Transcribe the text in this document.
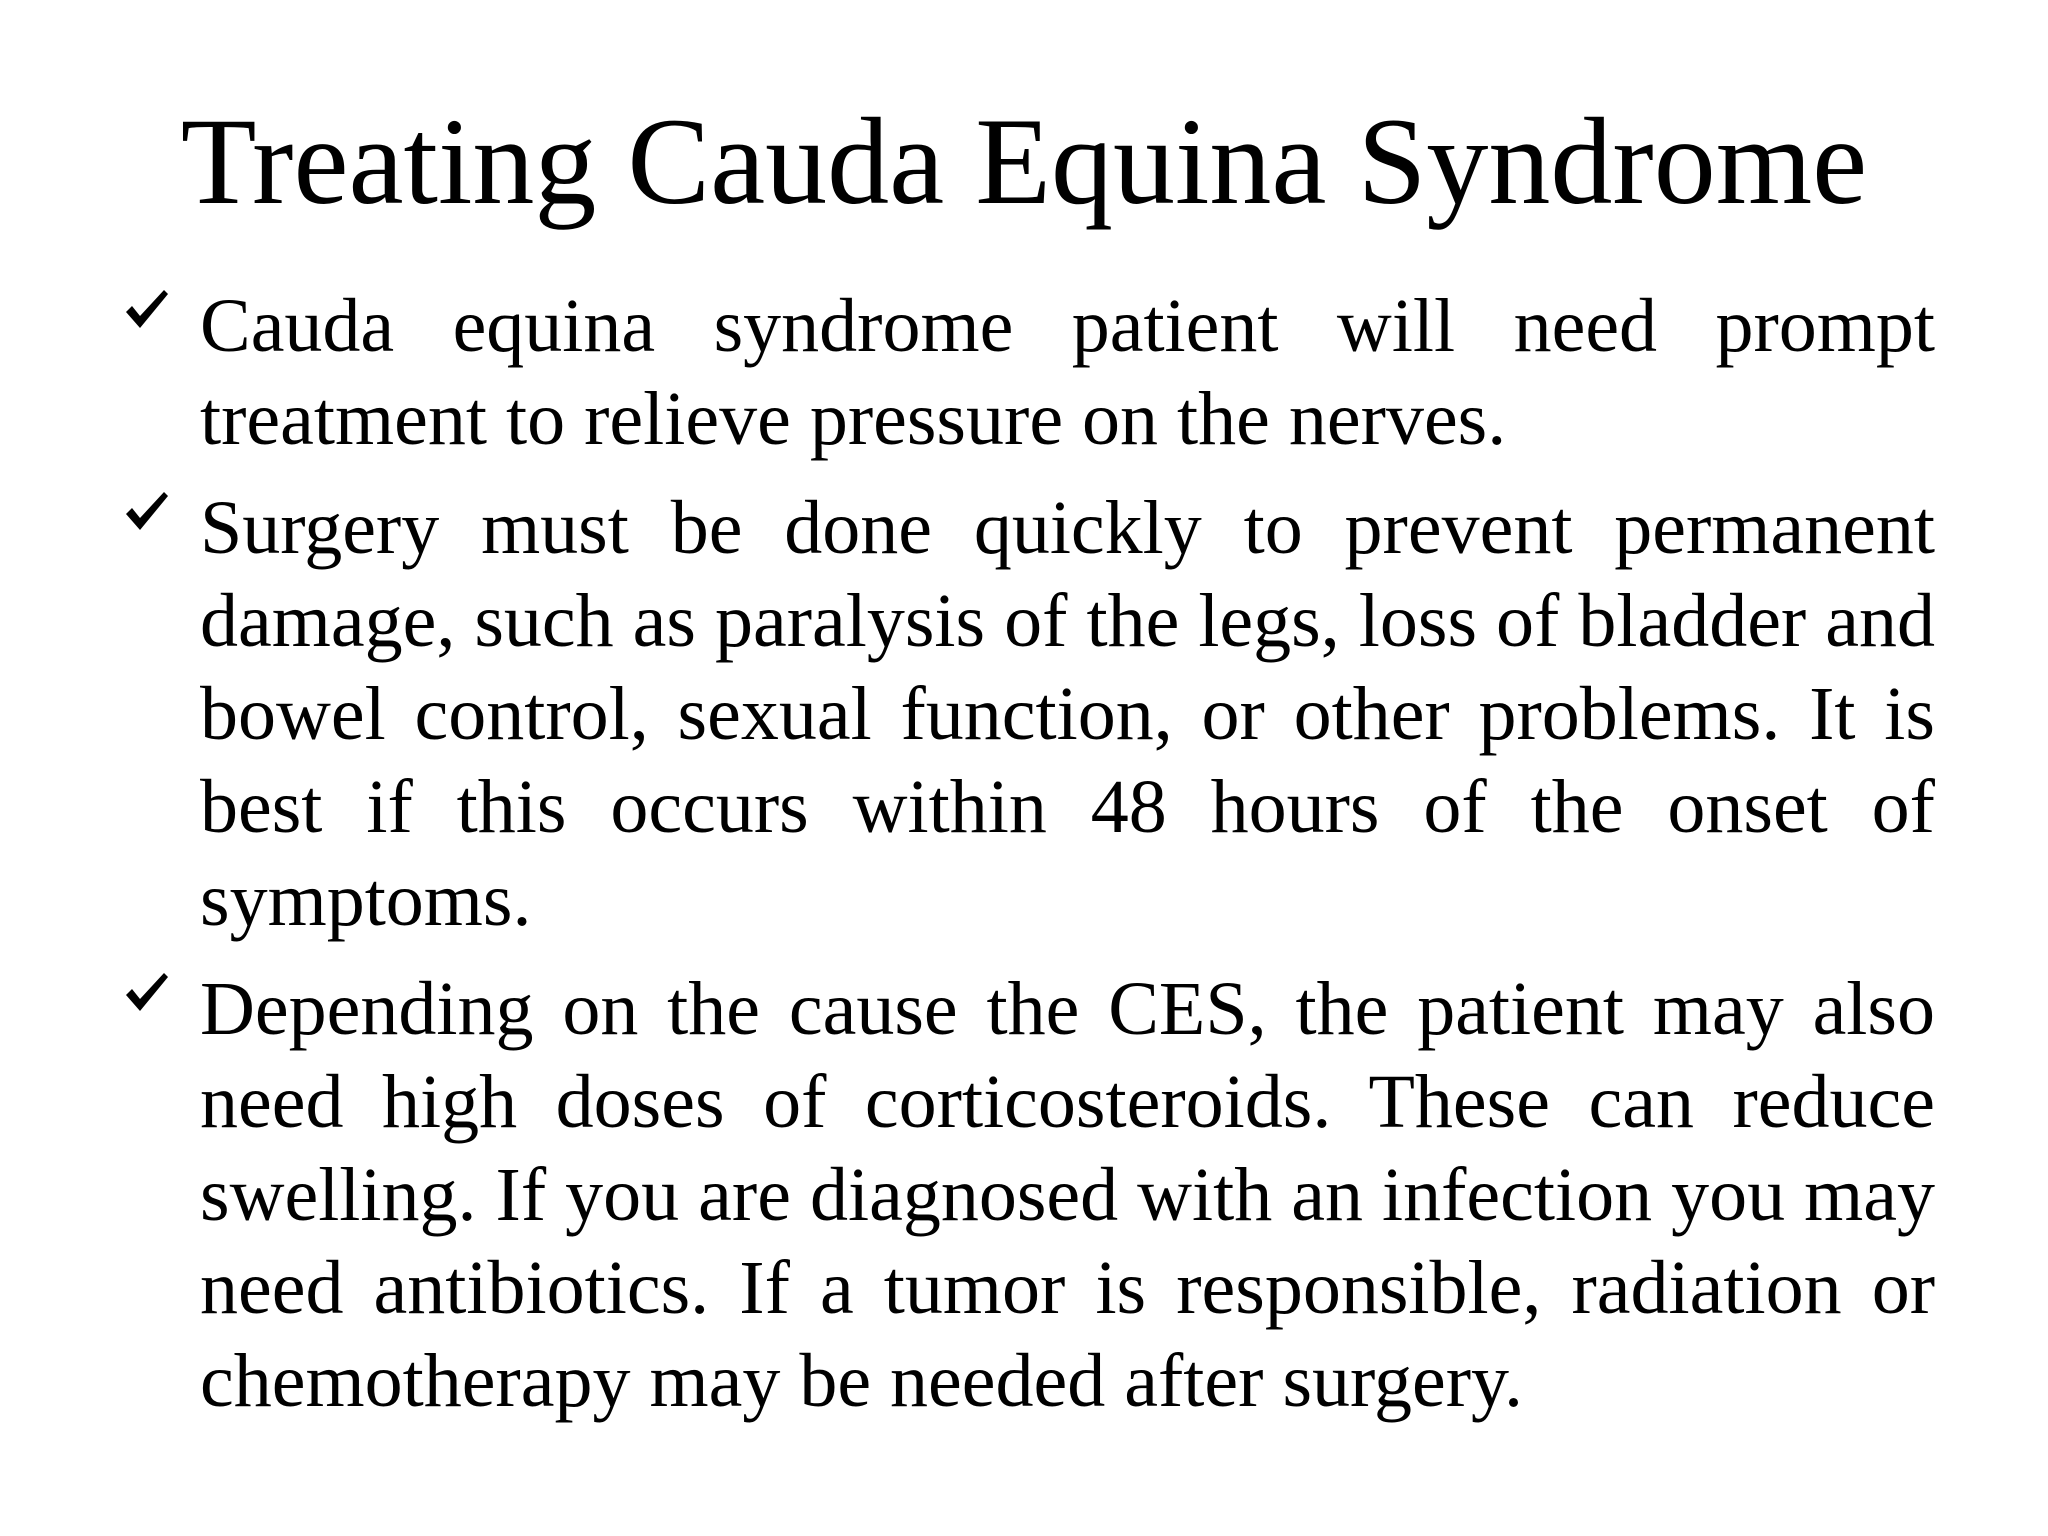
Treating Cauda Equina Syndrome
Cauda equina syndrome patient will need prompt treatment to relieve pressure on the nerves.
Surgery must be done quickly to prevent permanent damage, such as paralysis of the legs, loss of bladder and bowel control, sexual function, or other problems. It is best if this occurs within 48 hours of the onset of symptoms.
Depending on the cause the CES, the patient may also need high doses of corticosteroids. These can reduce swelling. If you are diagnosed with an infection you may need antibiotics. If a tumor is responsible, radiation or chemotherapy may be needed after surgery.
